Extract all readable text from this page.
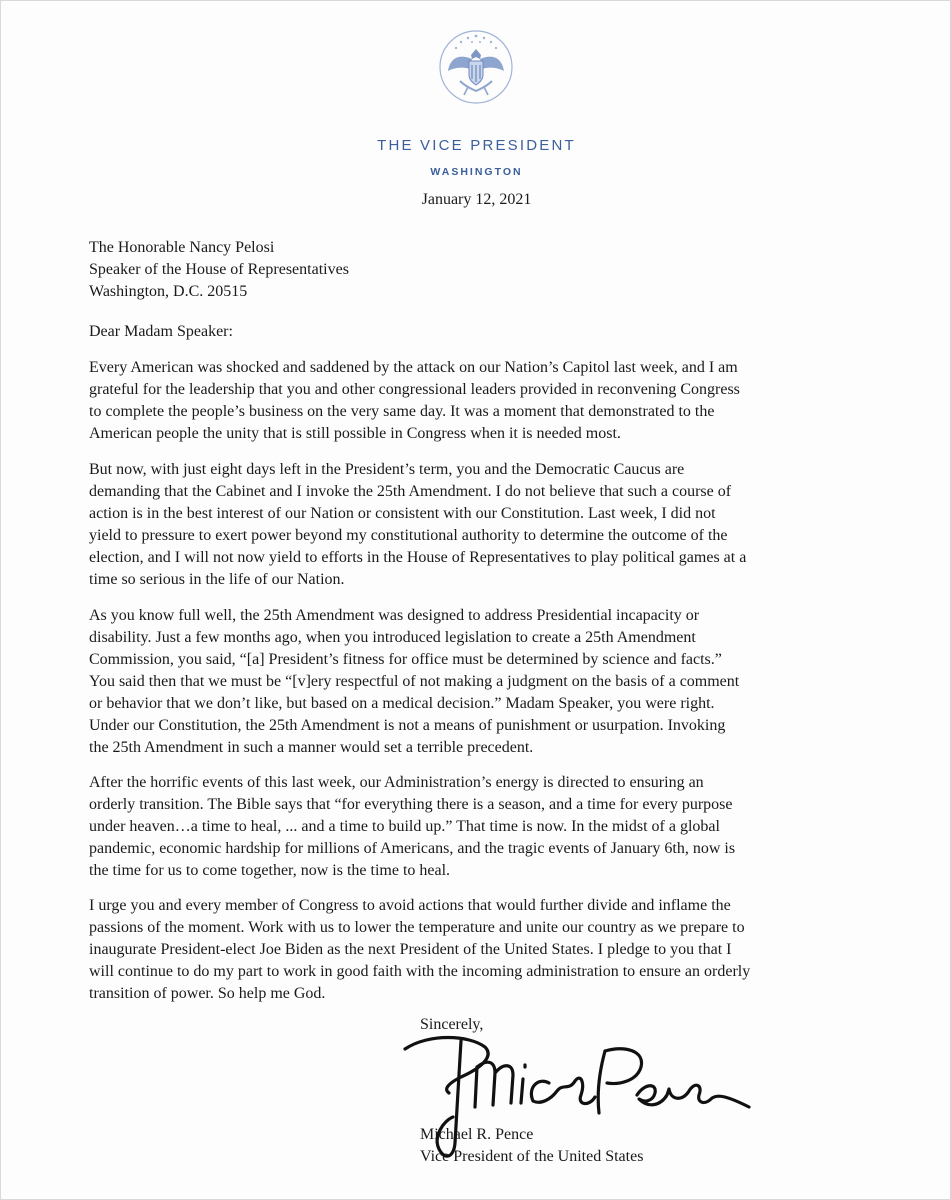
THE VICE PRESIDENT
WASHINGTON
January 12, 2021
The Honorable Nancy Pelosi
Speaker of the House of Representatives
Washington, D.C. 20515
Dear Madam Speaker:

Every American was shocked and saddened by the attack on our Nation’s Capitol last week, and I am
grateful for the leadership that you and other congressional leaders provided in reconvening Congress
to complete the people’s business on the very same day. It was a moment that demonstrated to the
American people the unity that is still possible in Congress when it is needed most.

But now, with just eight days left in the President’s term, you and the Democratic Caucus are
demanding that the Cabinet and I invoke the 25th Amendment. I do not believe that such a course of
action is in the best interest of our Nation or consistent with our Constitution. Last week, I did not
yield to pressure to exert power beyond my constitutional authority to determine the outcome of the
election, and I will not now yield to efforts in the House of Representatives to play political games at a
time so serious in the life of our Nation.

As you know full well, the 25th Amendment was designed to address Presidential incapacity or
disability. Just a few months ago, when you introduced legislation to create a 25th Amendment
Commission, you said, “[a] President’s fitness for office must be determined by science and facts.”
You said then that we must be “[v]ery respectful of not making a judgment on the basis of a comment
or behavior that we don’t like, but based on a medical decision.” Madam Speaker, you were right.
Under our Constitution, the 25th Amendment is not a means of punishment or usurpation. Invoking
the 25th Amendment in such a manner would set a terrible precedent.

After the horrific events of this last week, our Administration’s energy is directed to ensuring an
orderly transition. The Bible says that “for everything there is a season, and a time for every purpose
under heaven…a time to heal, ... and a time to build up.” That time is now. In the midst of a global
pandemic, economic hardship for millions of Americans, and the tragic events of January 6th, now is
the time for us to come together, now is the time to heal.

I urge you and every member of Congress to avoid actions that would further divide and inflame the
passions of the moment. Work with us to lower the temperature and unite our country as we prepare to
inaugurate President-elect Joe Biden as the next President of the United States. I pledge to you that I
will continue to do my part to work in good faith with the incoming administration to ensure an orderly
transition of power. So help me God.

Sincerely,
Michael R. Pence
Vice President of the United States
